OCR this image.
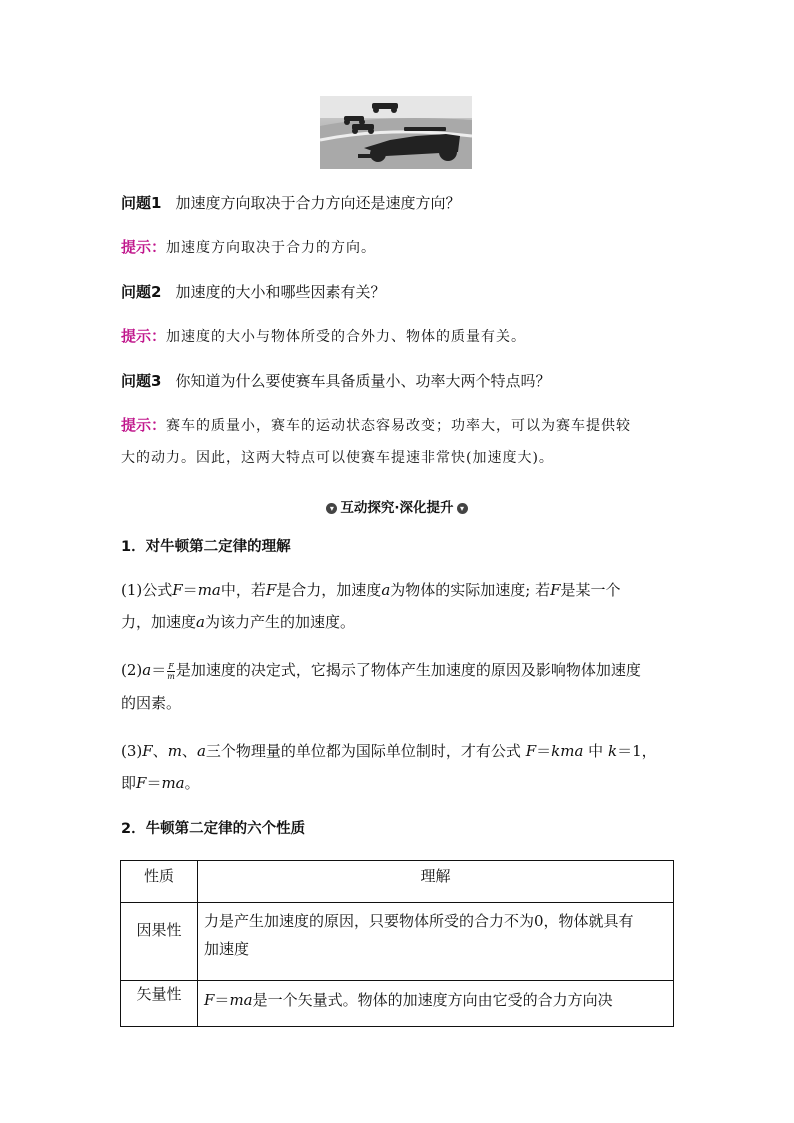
问题1 加速度方向取决于合力方向还是速度方向？
提示：加速度方向取决于合力的方向。
问题2 加速度的大小和哪些因素有关？
提示：加速度的大小与物体所受的合外力、物体的质量有关。
问题3 你知道为什么要使赛车具备质量小、功率大两个特点吗？
提示：赛车的质量小，赛车的运动状态容易改变；功率大，可以为赛车提供较
大的动力。因此，这两大特点可以使赛车提速非常快(加速度大)。
▾ 互动探究·深化提升 ▾
1．对牛顿第二定律的理解
(1)公式F＝ma中，若F是合力，加速度a为物体的实际加速度; 若F是某一个
力，加速度a为该力产生的加速度。
$(2)a= \frac{F}{m}$ 是加速度的决定式，它揭示了物体产生加速度的原因及影响物体加速度
的因素。
(3)F、m、a三个物理量的单位都为国际单位制时，才有公式 F＝kma 中 k＝1，
即F＝ma。
2．牛顿第二定律的六个性质
性质	理解
因果性	力是产生加速度的原因，只要物体所受的合力不为0，物体就具有
加速度
矢量性	F＝ma是一个矢量式。物体的加速度方向由它受的合力方向决
